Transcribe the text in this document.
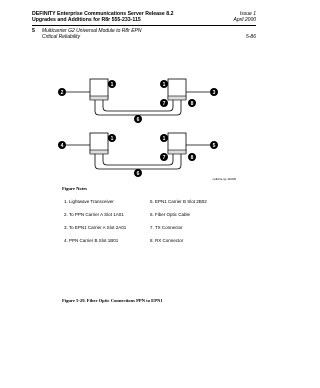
DEFINITY Enterprise Communications Server Release 8.2
Upgrades and Additions for R8r 555-233-115
Issue 1
April 2000
5 Multicarrier G2 Universal Module to R8r EPN
Critical Reliability	5-86
2
1	1
3
7	8
6
4
1	1
5
7	8
6
cydfot1a rpy 10/4/99
Figure Notes
1. Lightwave Transceiver
2. To PPN Carrier A Slot 1A01
3. To EPN1 Carrier A Slot 2A01
4. PPN Carrier B Slot 1B01
5. EPN1 Carrier B Slot 2B02
6. Fiber Optic Cable
7. TX Connector
8. RX Connector
Figure 5-29. Fiber Optic Connections PPN to EPN1
